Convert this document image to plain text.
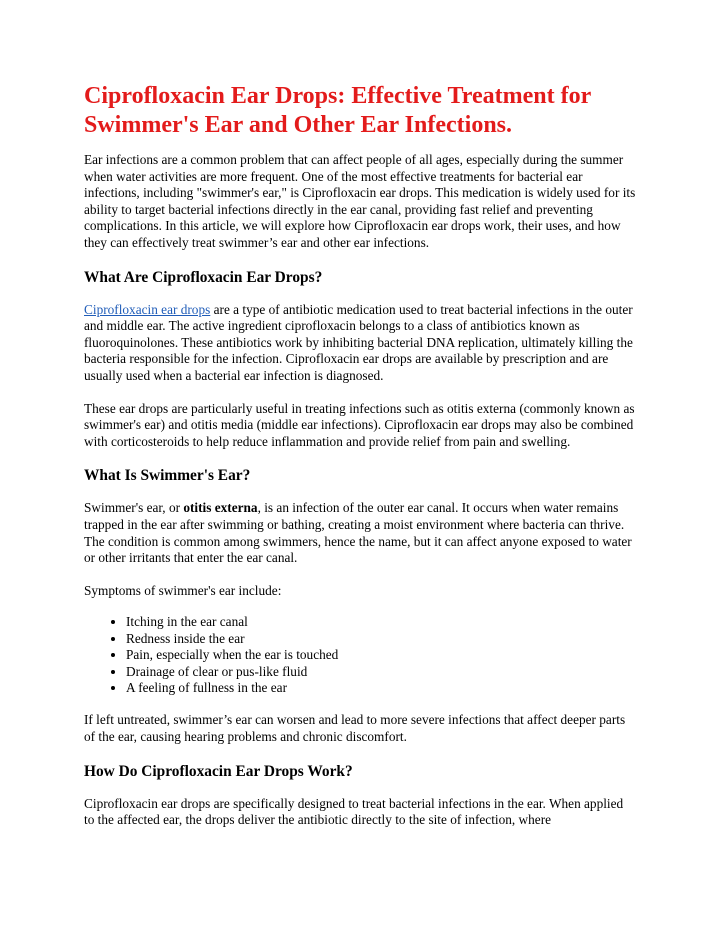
Ciprofloxacin Ear Drops: Effective Treatment for
Swimmer's Ear and Other Ear Infections.

Ear infections are a common problem that can affect people of all ages, especially during the summer when water activities are more frequent. One of the most effective treatments for bacterial ear infections, including "swimmer's ear," is Ciprofloxacin ear drops. This medication is widely used for its ability to target bacterial infections directly in the ear canal, providing fast relief and preventing complications. In this article, we will explore how Ciprofloxacin ear drops work, their uses, and how they can effectively treat swimmer’s ear and other ear infections.

What Are Ciprofloxacin Ear Drops?

Ciprofloxacin ear drops are a type of antibiotic medication used to treat bacterial infections in the outer and middle ear. The active ingredient ciprofloxacin belongs to a class of antibiotics known as fluoroquinolones. These antibiotics work by inhibiting bacterial DNA replication, ultimately killing the bacteria responsible for the infection. Ciprofloxacin ear drops are available by prescription and are usually used when a bacterial ear infection is diagnosed.

These ear drops are particularly useful in treating infections such as otitis externa (commonly known as swimmer's ear) and otitis media (middle ear infections). Ciprofloxacin ear drops may also be combined with corticosteroids to help reduce inflammation and provide relief from pain and swelling.

What Is Swimmer's Ear?

Swimmer's ear, or otitis externa, is an infection of the outer ear canal. It occurs when water remains trapped in the ear after swimming or bathing, creating a moist environment where bacteria can thrive. The condition is common among swimmers, hence the name, but it can affect anyone exposed to water or other irritants that enter the ear canal.

Symptoms of swimmer's ear include:

• Itching in the ear canal
• Redness inside the ear
• Pain, especially when the ear is touched
• Drainage of clear or pus-like fluid
• A feeling of fullness in the ear

If left untreated, swimmer’s ear can worsen and lead to more severe infections that affect deeper parts of the ear, causing hearing problems and chronic discomfort.

How Do Ciprofloxacin Ear Drops Work?

Ciprofloxacin ear drops are specifically designed to treat bacterial infections in the ear. When applied to the affected ear, the drops deliver the antibiotic directly to the site of infection, where
